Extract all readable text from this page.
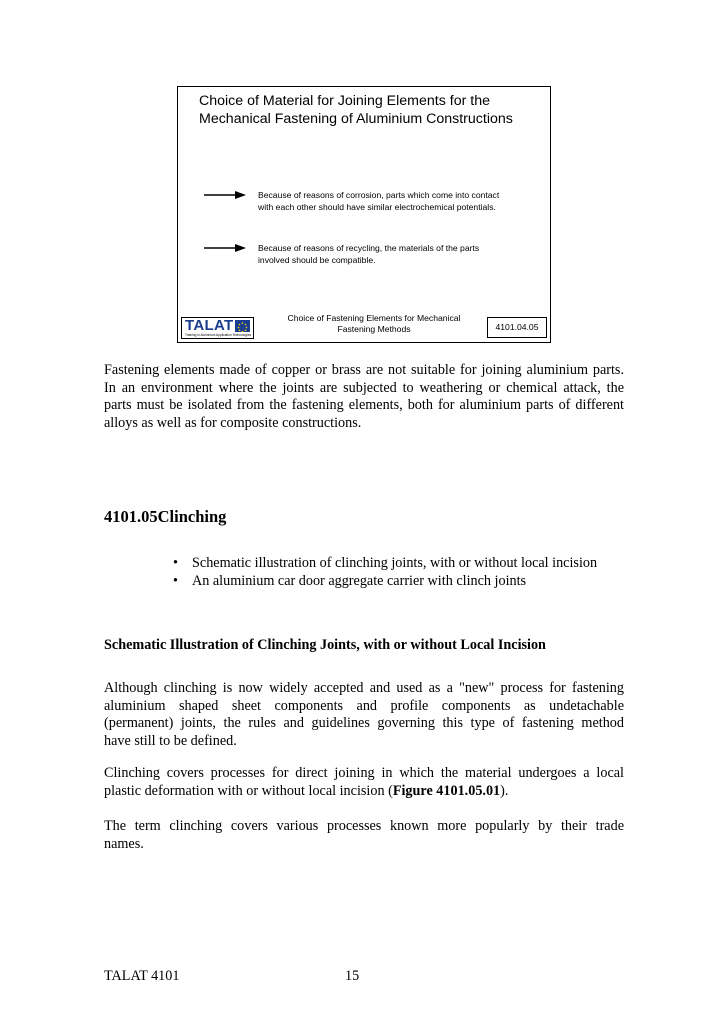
Choice of Material for Joining Elements for the
Mechanical Fastening of Aluminium Constructions
Because of reasons of corrosion, parts which come into contact
with each other should have similar electrochemical potentials.
Because of reasons of recycling, the materials of the parts
involved should be compatible.
TALAT
Training in Aluminium Application Technologies
Choice of Fastening Elements for Mechanical
Fastening Methods	4101.04.05
Fastening elements made of copper or brass are not suitable for joining aluminium parts.
In an environment where the joints are subjected to weathering or chemical attack, the
parts must be isolated from the fastening elements, both for aluminium parts of different
alloys as well as for composite constructions.
4101.05Clinching
• Schematic illustration of clinching joints, with or without local incision
• An aluminium car door aggregate carrier with clinch joints
Schematic Illustration of Clinching Joints, with or without Local Incision
Although clinching is now widely accepted and used as a "new" process for fastening
aluminium shaped sheet components and profile components as undetachable
(permanent) joints, the rules and guidelines governing this type of fastening method
have still to be defined.
Clinching covers processes for direct joining in which the material undergoes a local
plastic deformation with or without local incision (Figure 4101.05.01).
The term clinching covers various processes known more popularly by their trade
names.
TALAT 4101	15
